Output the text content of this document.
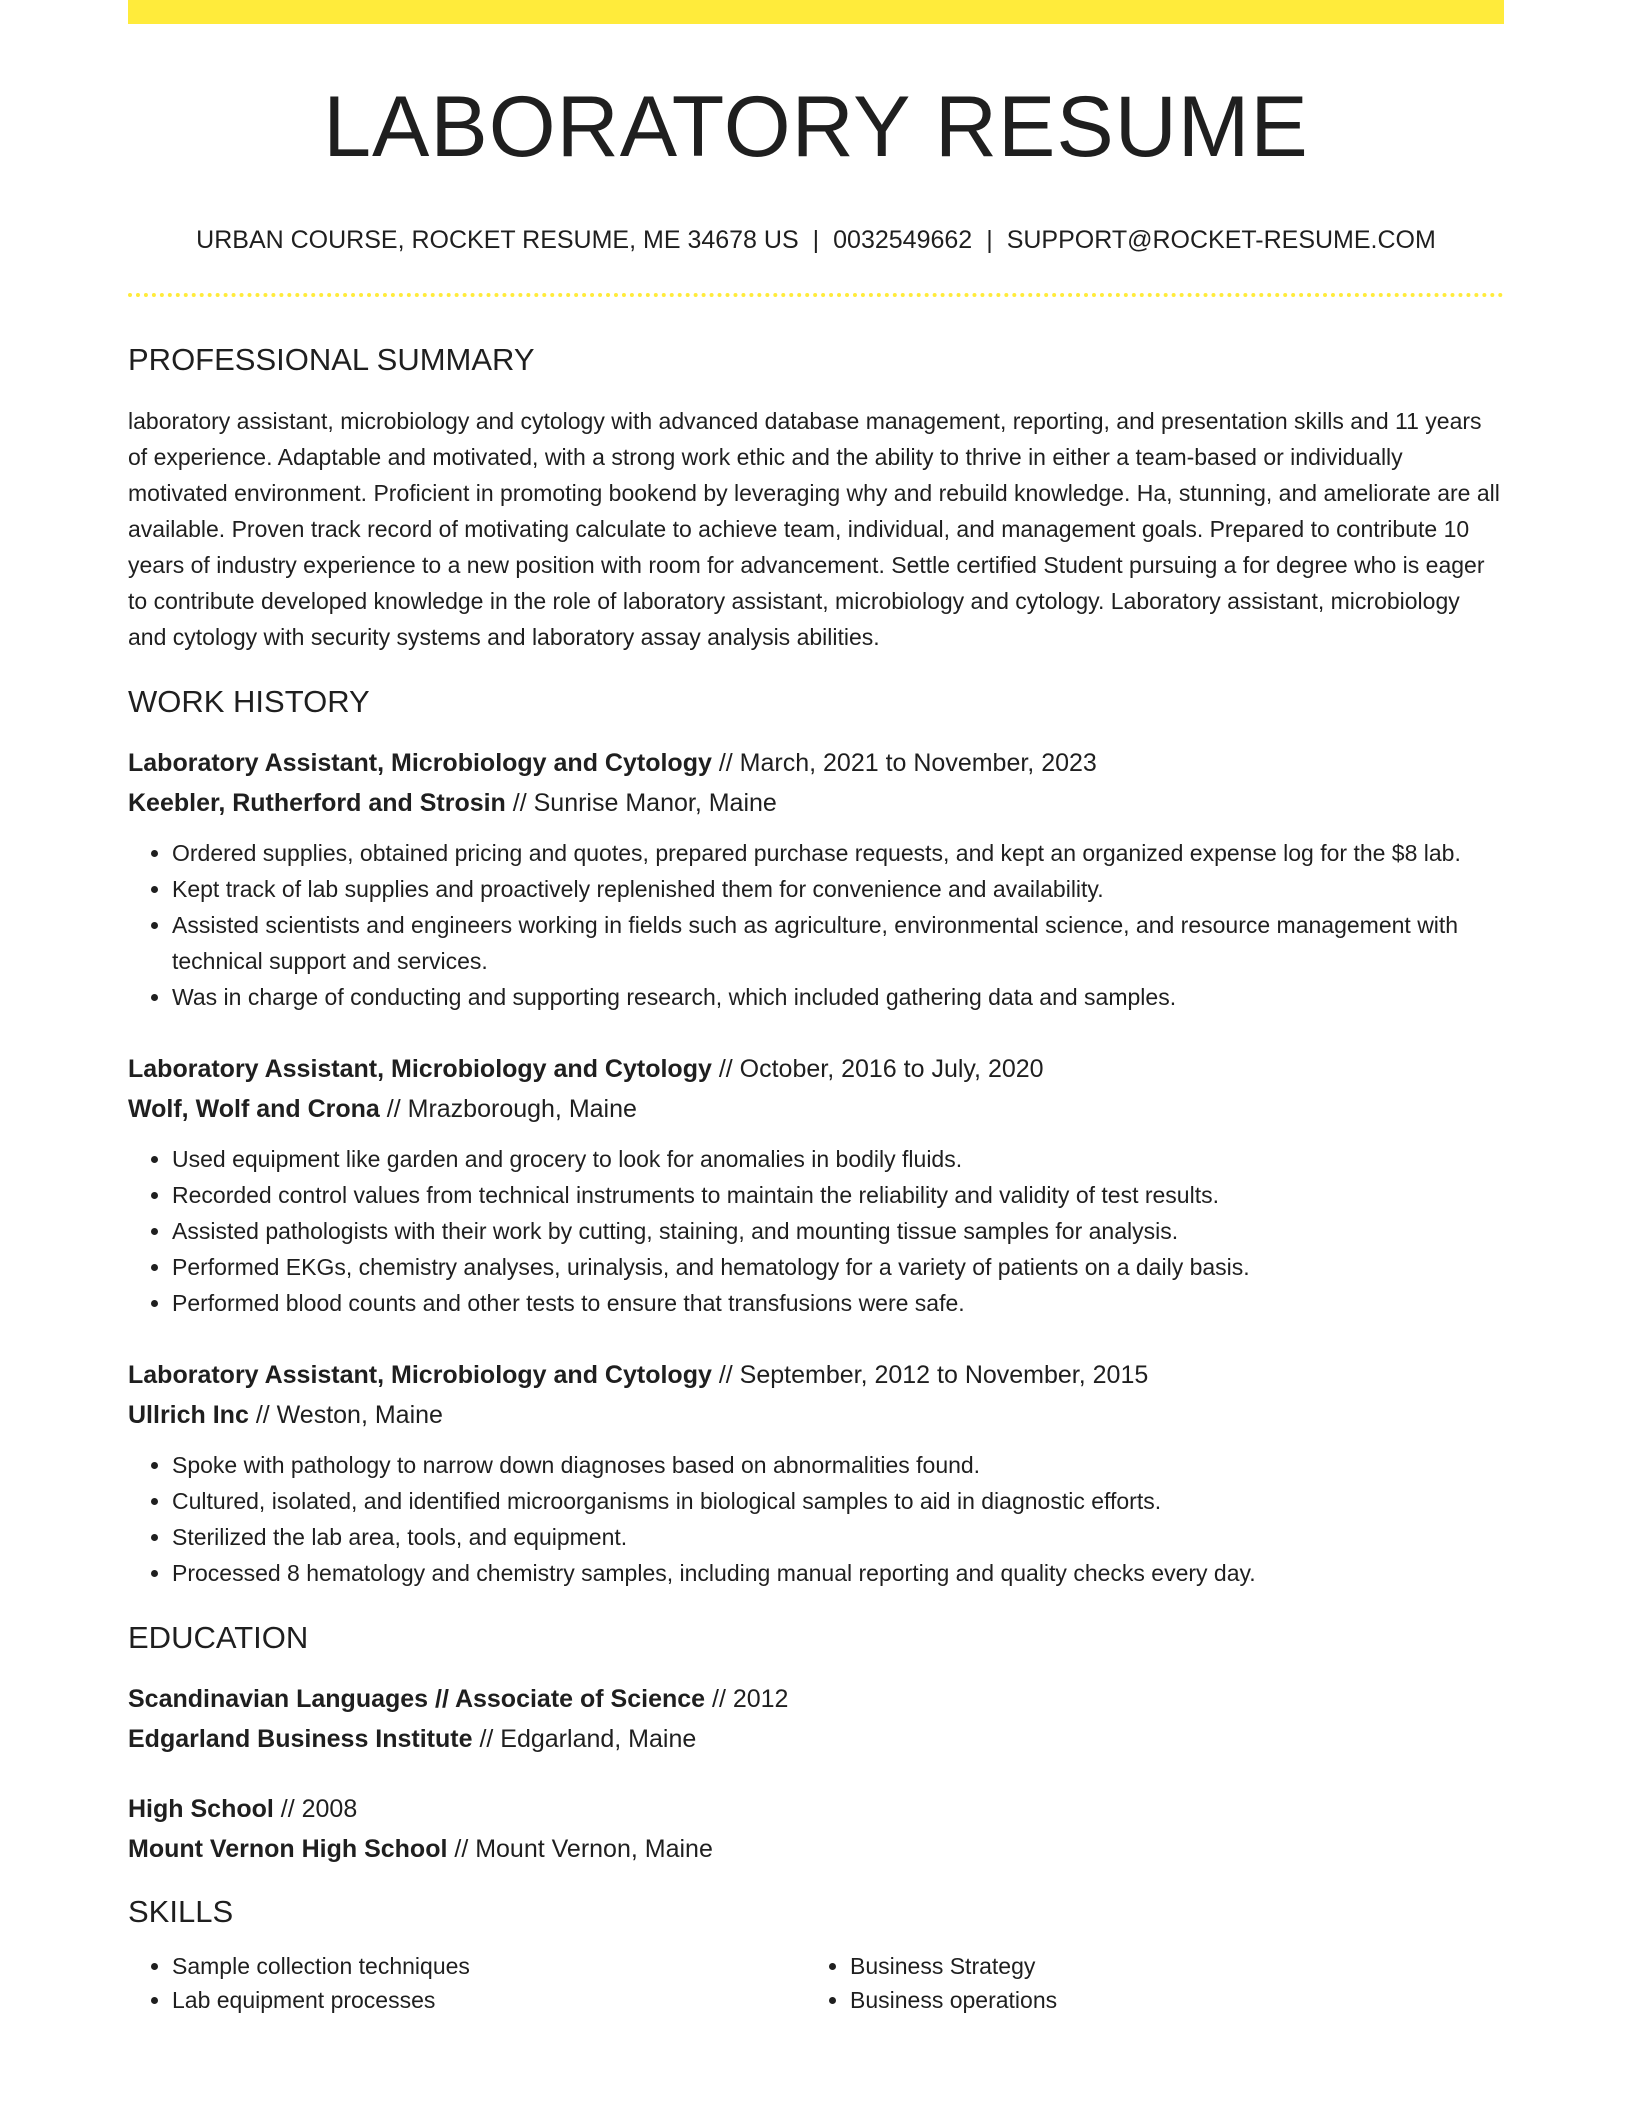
LABORATORY RESUME
URBAN COURSE, ROCKET RESUME, ME 34678 US | 0032549662 | SUPPORT@ROCKET-RESUME.COM
PROFESSIONAL SUMMARY

laboratory assistant, microbiology and cytology with advanced database management, reporting, and presentation skills and 11 years of experience. Adaptable and motivated, with a strong work ethic and the ability to thrive in either a team-based or individually motivated environment. Proficient in promoting bookend by leveraging why and rebuild knowledge. Ha, stunning, and ameliorate are all available. Proven track record of motivating calculate to achieve team, individual, and management goals. Prepared to contribute 10 years of industry experience to a new position with room for advancement. Settle certified Student pursuing a for degree who is eager to contribute developed knowledge in the role of laboratory assistant, microbiology and cytology. Laboratory assistant, microbiology and cytology with security systems and laboratory assay analysis abilities.

WORK HISTORY
Laboratory Assistant, Microbiology and Cytology // March, 2021 to November, 2023
Keebler, Rutherford and Strosin // Sunrise Manor, Maine
• Ordered supplies, obtained pricing and quotes, prepared purchase requests, and kept an organized expense log for the $8 lab.
• Kept track of lab supplies and proactively replenished them for convenience and availability.
• Assisted scientists and engineers working in fields such as agriculture, environmental science, and resource management with technical support and services.
• Was in charge of conducting and supporting research, which included gathering data and samples.
Laboratory Assistant, Microbiology and Cytology // October, 2016 to July, 2020
Wolf, Wolf and Crona // Mrazborough, Maine
• Used equipment like garden and grocery to look for anomalies in bodily fluids.
• Recorded control values from technical instruments to maintain the reliability and validity of test results.
• Assisted pathologists with their work by cutting, staining, and mounting tissue samples for analysis.
• Performed EKGs, chemistry analyses, urinalysis, and hematology for a variety of patients on a daily basis.
• Performed blood counts and other tests to ensure that transfusions were safe.
Laboratory Assistant, Microbiology and Cytology // September, 2012 to November, 2015
Ullrich Inc // Weston, Maine
• Spoke with pathology to narrow down diagnoses based on abnormalities found.
• Cultured, isolated, and identified microorganisms in biological samples to aid in diagnostic efforts.
• Sterilized the lab area, tools, and equipment.
• Processed 8 hematology and chemistry samples, including manual reporting and quality checks every day.
EDUCATION
Scandinavian Languages // Associate of Science // 2012
Edgarland Business Institute // Edgarland, Maine
High School // 2008
Mount Vernon High School // Mount Vernon, Maine
SKILLS
• Sample collection techniques
• Lab equipment processes
• Business Strategy
• Business operations
